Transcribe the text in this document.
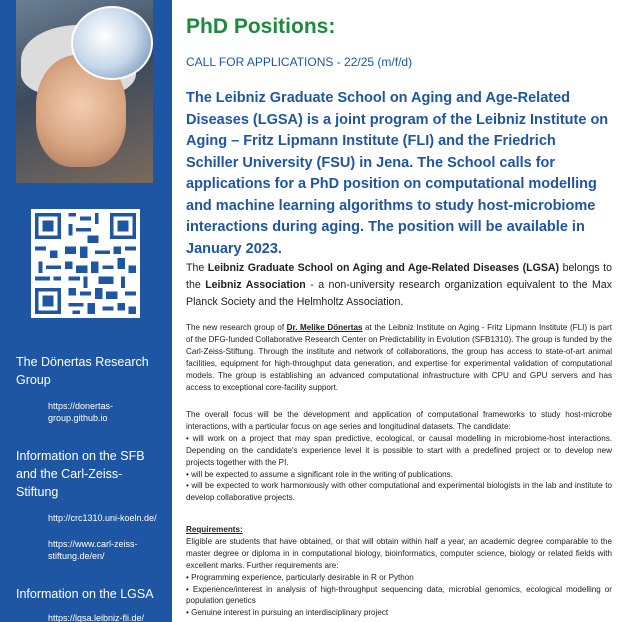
The Dönertas Research Group
https://donertas-group.github.io
Information on the SFB and the Carl-Zeiss-Stiftung
http://crc1310.uni-koeln.de/
https://www.carl-zeiss-stiftung.de/en/
Information on the LGSA
https://lgsa.leibniz-fli.de/
PhD Positions:

CALL FOR APPLICATIONS - 22/25 (m/f/d)

The Leibniz Graduate School on Aging and Age-Related Diseases (LGSA) is a joint program of the Leibniz Institute on Aging – Fritz Lipmann Institute (FLI) and the Friedrich Schiller University (FSU) in Jena. The School calls for applications for a PhD position on computational modelling and machine learning algorithms to study host-microbiome interactions during aging. The position will be available in January 2023.

The Leibniz Graduate School on Aging and Age-Related Diseases (LGSA) belongs to the Leibniz Association - a non-university research organization equivalent to the Max Planck Society and the Helmholtz Association.

The new research group of Dr. Melike Dönertas at the Leibniz Institute on Aging - Fritz Lipmann Institute (FLI) is part of the DFG-funded Collaborative Research Center on Predictability in Evolution (SFB1310). The group is funded by the Carl-Zeiss-Stiftung. Through the institute and network of collaborations, the group has access to state-of-art animal facilities, equipment for high-throughput data generation, and expertise for experimental validation of computational models. The group is establishing an advanced computational infrastructure with CPU and GPU servers and has access to exceptional core-facility support.

The overall focus will be the development and application of computational frameworks to study host-microbe interactions, with a particular focus on age series and longitudinal datasets. The candidate:
• will work on a project that may span predictive, ecological, or causal modelling in microbiome-host interactions. Depending on the candidate's experience level it is possible to start with a predefined project or to develop new projects together with the PI.
• will be expected to assume a significant role in the writing of publications.
• will be expected to work harmoniously with other computational and experimental biologists in the lab and institute to develop collaborative projects.

Requirements:
Eligible are students that have obtained, or that will obtain within half a year, an academic degree comparable to the master degree or diploma in in computational biology, bioinformatics, computer science, biology or related fields with excellent marks. Further requirements are:
• Programming experience, particularly desirable in R or Python
• Experience/interest in analysis of high-throughput sequencing data, microbial genomics, ecological modelling or population genetics
• Genuine interest in pursuing an interdisciplinary project
